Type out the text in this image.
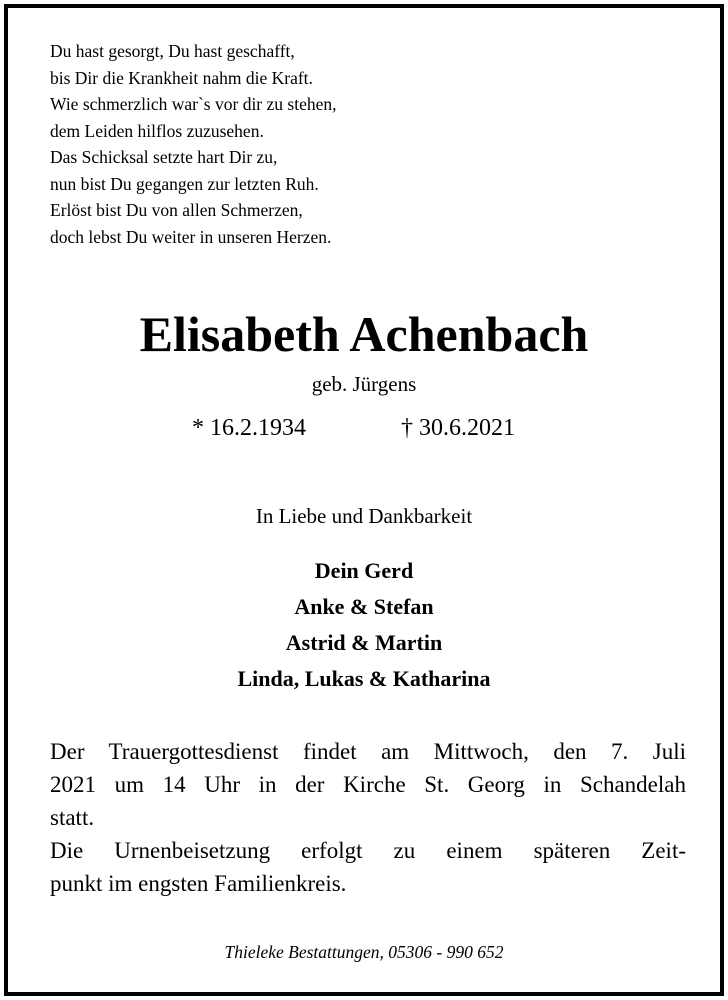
Du hast gesorgt, Du hast geschafft,
bis Dir die Krankheit nahm die Kraft.
Wie schmerzlich war`s vor dir zu stehen,
dem Leiden hilflos zuzusehen.
Das Schicksal setzte hart Dir zu,
nun bist Du gegangen zur letzten Ruh.
Erlöst bist Du von allen Schmerzen,
doch lebst Du weiter in unseren Herzen.
Elisabeth Achenbach
geb. Jürgens
* 16.2.1934	† 30.6.2021
In Liebe und Dankbarkeit
Dein Gerd
Anke & Stefan
Astrid & Martin
Linda, Lukas & Katharina

Der Trauergottesdienst findet am Mittwoch, den 7. Juli

2021 um 14 Uhr in der Kirche St. Georg in Schandelah

statt.

Die Urnenbeisetzung erfolgt zu einem späteren Zeit-

punkt im engsten Familienkreis.

Thieleke Bestattungen, 05306 - 990 652
